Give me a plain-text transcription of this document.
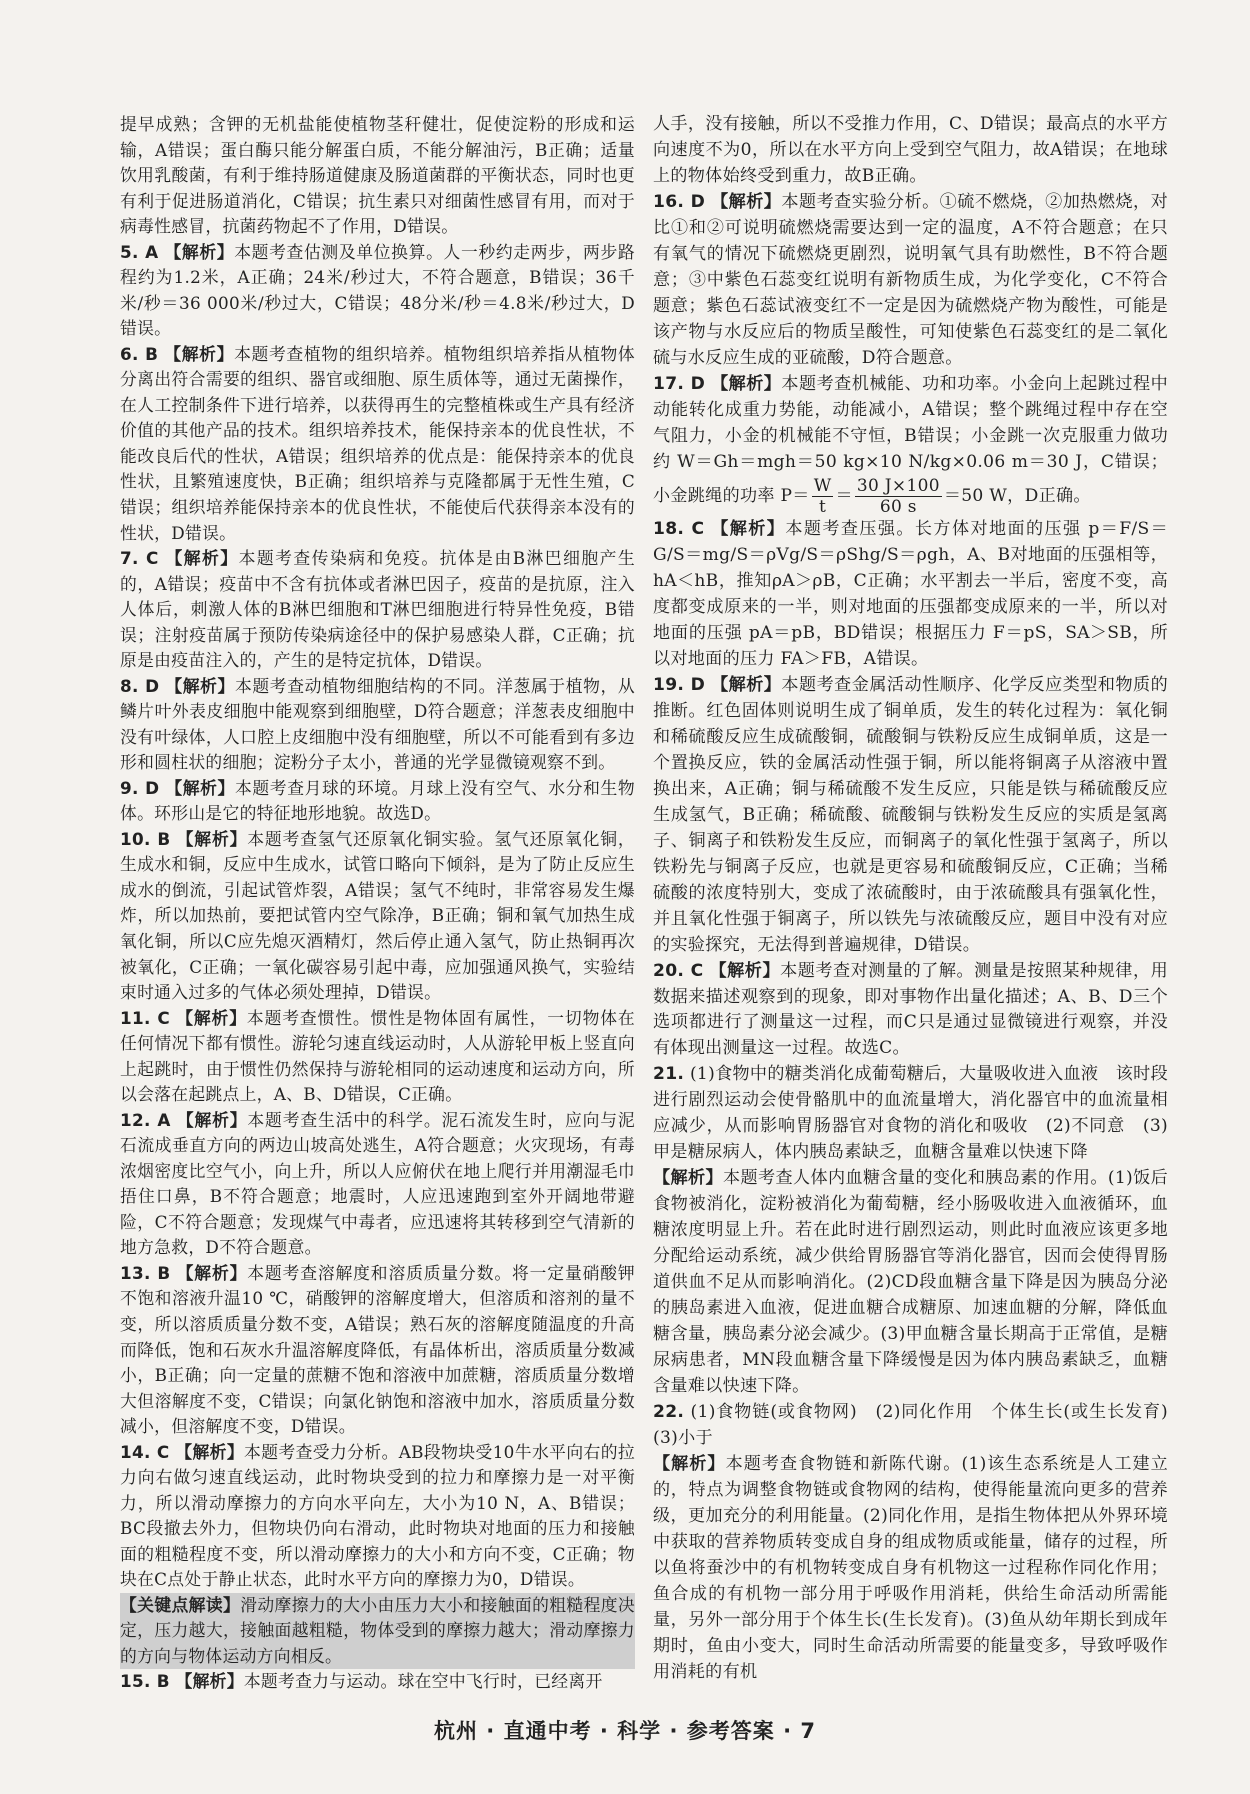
提早成熟；含钾的无机盐能使植物茎秆健壮，促使淀粉的形成和运输，A错误；蛋白酶只能分解蛋白质，不能分解油污，B正确；适量饮用乳酸菌，有利于维持肠道健康及肠道菌群的平衡状态，同时也更有利于促进肠道消化，C错误；抗生素只对细菌性感冒有用，而对于病毒性感冒，抗菌药物起不了作用，D错误。

5. A 【解析】本题考查估测及单位换算。人一秒约走两步，两步路程约为1.2米，A正确；24米/秒过大，不符合题意，B错误；36千米/秒＝36 000米/秒过大，C错误；48分米/秒＝4.8米/秒过大，D错误。

6. B 【解析】本题考查植物的组织培养。植物组织培养指从植物体分离出符合需要的组织、器官或细胞、原生质体等，通过无菌操作，在人工控制条件下进行培养，以获得再生的完整植株或生产具有经济价值的其他产品的技术。组织培养技术，能保持亲本的优良性状，不能改良后代的性状，A错误；组织培养的优点是：能保持亲本的优良性状，且繁殖速度快，B正确；组织培养与克隆都属于无性生殖，C错误；组织培养能保持亲本的优良性状，不能使后代获得亲本没有的性状，D错误。

7. C 【解析】本题考查传染病和免疫。抗体是由B淋巴细胞产生的，A错误；疫苗中不含有抗体或者淋巴因子，疫苗的是抗原，注入人体后，刺激人体的B淋巴细胞和T淋巴细胞进行特异性免疫，B错误；注射疫苗属于预防传染病途径中的保护易感染人群，C正确；抗原是由疫苗注入的，产生的是特定抗体，D错误。

8. D 【解析】本题考查动植物细胞结构的不同。洋葱属于植物，从鳞片叶外表皮细胞中能观察到细胞壁，D符合题意；洋葱表皮细胞中没有叶绿体，人口腔上皮细胞中没有细胞壁，所以不可能看到有多边形和圆柱状的细胞；淀粉分子太小，普通的光学显微镜观察不到。

9. D 【解析】本题考查月球的环境。月球上没有空气、水分和生物体。环形山是它的特征地形地貌。故选D。

10. B 【解析】本题考查氢气还原氧化铜实验。氢气还原氧化铜，生成水和铜，反应中生成水，试管口略向下倾斜，是为了防止反应生成水的倒流，引起试管炸裂，A错误；氢气不纯时，非常容易发生爆炸，所以加热前，要把试管内空气除净，B正确；铜和氧气加热生成氧化铜，所以C应先熄灭酒精灯，然后停止通入氢气，防止热铜再次被氧化，C正确；一氧化碳容易引起中毒，应加强通风换气，实验结束时通入过多的气体必须处理掉，D错误。

11. C 【解析】本题考查惯性。惯性是物体固有属性，一切物体在任何情况下都有惯性。游轮匀速直线运动时，人从游轮甲板上竖直向上起跳时，由于惯性仍然保持与游轮相同的运动速度和运动方向，所以会落在起跳点上，A、B、D错误，C正确。

12. A 【解析】本题考查生活中的科学。泥石流发生时，应向与泥石流成垂直方向的两边山坡高处逃生，A符合题意；火灾现场，有毒浓烟密度比空气小，向上升，所以人应俯伏在地上爬行并用潮湿毛巾捂住口鼻，B不符合题意；地震时，人应迅速跑到室外开阔地带避险，C不符合题意；发现煤气中毒者，应迅速将其转移到空气清新的地方急救，D不符合题意。

13. B 【解析】本题考查溶解度和溶质质量分数。将一定量硝酸钾不饱和溶液升温10 ℃，硝酸钾的溶解度增大，但溶质和溶剂的量不变，所以溶质质量分数不变，A错误；熟石灰的溶解度随温度的升高而降低，饱和石灰水升温溶解度降低，有晶体析出，溶质质量分数减小，B正确；向一定量的蔗糖不饱和溶液中加蔗糖，溶质质量分数增大但溶解度不变，C错误；向氯化钠饱和溶液中加水，溶质质量分数减小，但溶解度不变，D错误。

14. C 【解析】本题考查受力分析。AB段物块受10牛水平向右的拉力向右做匀速直线运动，此时物块受到的拉力和摩擦力是一对平衡力，所以滑动摩擦力的方向水平向左，大小为10 N，A、B错误；BC段撤去外力，但物块仍向右滑动，此时物块对地面的压力和接触面的粗糙程度不变，所以滑动摩擦力的大小和方向不变，C正确；物块在C点处于静止状态，此时水平方向的摩擦力为0，D错误。

【关键点解读】滑动摩擦力的大小由压力大小和接触面的粗糙程度决定，压力越大，接触面越粗糙，物体受到的摩擦力越大；滑动摩擦力的方向与物体运动方向相反。

15. B 【解析】本题考查力与运动。球在空中飞行时，已经离开

人手，没有接触，所以不受推力作用，C、D错误；最高点的水平方向速度不为0，所以在水平方向上受到空气阻力，故A错误；在地球上的物体始终受到重力，故B正确。

16. D 【解析】本题考查实验分析。①硫不燃烧，②加热燃烧，对比①和②可说明硫燃烧需要达到一定的温度，A不符合题意；在只有氧气的情况下硫燃烧更剧烈，说明氧气具有助燃性，B不符合题意；③中紫色石蕊变红说明有新物质生成，为化学变化，C不符合题意；紫色石蕊试液变红不一定是因为硫燃烧产物为酸性，可能是该产物与水反应后的物质呈酸性，可知使紫色石蕊变红的是二氧化硫与水反应生成的亚硫酸，D符合题意。

17. D 【解析】本题考查机械能、功和功率。小金向上起跳过程中动能转化成重力势能，动能减小，A错误；整个跳绳过程中存在空气阻力，小金的机械能不守恒，B错误；小金跳一次克服重力做功约 W＝Gh＝mgh＝50 kg×10 N/kg×0.06 m＝30 J，C错误；小金跳绳的功率 $P= \frac{W}{t} = \frac{30 J\times 100}{60 s} =50$ W，D正确。

18. C 【解析】本题考查压强。长方体对地面的压强 p＝F/S＝G/S＝mg/S＝ρVg/S＝ρShg/S＝ρgh，A、B对地面的压强相等，hA＜hB，推知ρA＞ρB，C正确；水平割去一半后，密度不变，高度都变成原来的一半，则对地面的压强都变成原来的一半，所以对地面的压强 pA＝pB，BD错误；根据压力 F＝pS，SA＞SB，所以对地面的压力 FA＞FB，A错误。

19. D 【解析】本题考查金属活动性顺序、化学反应类型和物质的推断。红色固体则说明生成了铜单质，发生的转化过程为：氧化铜和稀硫酸反应生成硫酸铜，硫酸铜与铁粉反应生成铜单质，这是一个置换反应，铁的金属活动性强于铜，所以能将铜离子从溶液中置换出来，A正确；铜与稀硫酸不发生反应，只能是铁与稀硫酸反应生成氢气，B正确；稀硫酸、硫酸铜与铁粉发生反应的实质是氢离子、铜离子和铁粉发生反应，而铜离子的氧化性强于氢离子，所以铁粉先与铜离子反应，也就是更容易和硫酸铜反应，C正确；当稀硫酸的浓度特别大，变成了浓硫酸时，由于浓硫酸具有强氧化性，并且氧化性强于铜离子，所以铁先与浓硫酸反应，题目中没有对应的实验探究，无法得到普遍规律，D错误。

20. C 【解析】本题考查对测量的了解。测量是按照某种规律，用数据来描述观察到的现象，即对事物作出量化描述；A、B、D三个选项都进行了测量这一过程，而C只是通过显微镜进行观察，并没有体现出测量这一过程。故选C。

21. (1)食物中的糖类消化成葡萄糖后，大量吸收进入血液　该时段进行剧烈运动会使骨骼肌中的血流量增大，消化器官中的血流量相应减少，从而影响胃肠器官对食物的消化和吸收　(2)不同意　(3)甲是糖尿病人，体内胰岛素缺乏，血糖含量难以快速下降

【解析】本题考查人体内血糖含量的变化和胰岛素的作用。(1)饭后食物被消化，淀粉被消化为葡萄糖，经小肠吸收进入血液循环，血糖浓度明显上升。若在此时进行剧烈运动，则此时血液应该更多地分配给运动系统，减少供给胃肠器官等消化器官，因而会使得胃肠道供血不足从而影响消化。(2)CD段血糖含量下降是因为胰岛分泌的胰岛素进入血液，促进血糖合成糖原、加速血糖的分解，降低血糖含量，胰岛素分泌会减少。(3)甲血糖含量长期高于正常值，是糖尿病患者，MN段血糖含量下降缓慢是因为体内胰岛素缺乏，血糖含量难以快速下降。

22. (1)食物链(或食物网)　(2)同化作用　个体生长(或生长发育)　(3)小于

【解析】本题考查食物链和新陈代谢。(1)该生态系统是人工建立的，特点为调整食物链或食物网的结构，使得能量流向更多的营养级，更加充分的利用能量。(2)同化作用，是指生物体把从外界环境中获取的营养物质转变成自身的组成物质或能量，储存的过程，所以鱼将蚕沙中的有机物转变成自身有机物这一过程称作同化作用；鱼合成的有机物一部分用于呼吸作用消耗，供给生命活动所需能量，另外一部分用于个体生长(生长发育)。(3)鱼从幼年期长到成年期时，鱼由小变大，同时生命活动所需要的能量变多，导致呼吸作用消耗的有机

杭州 · 直通中考 · 科学 · 参考答案 · 7
